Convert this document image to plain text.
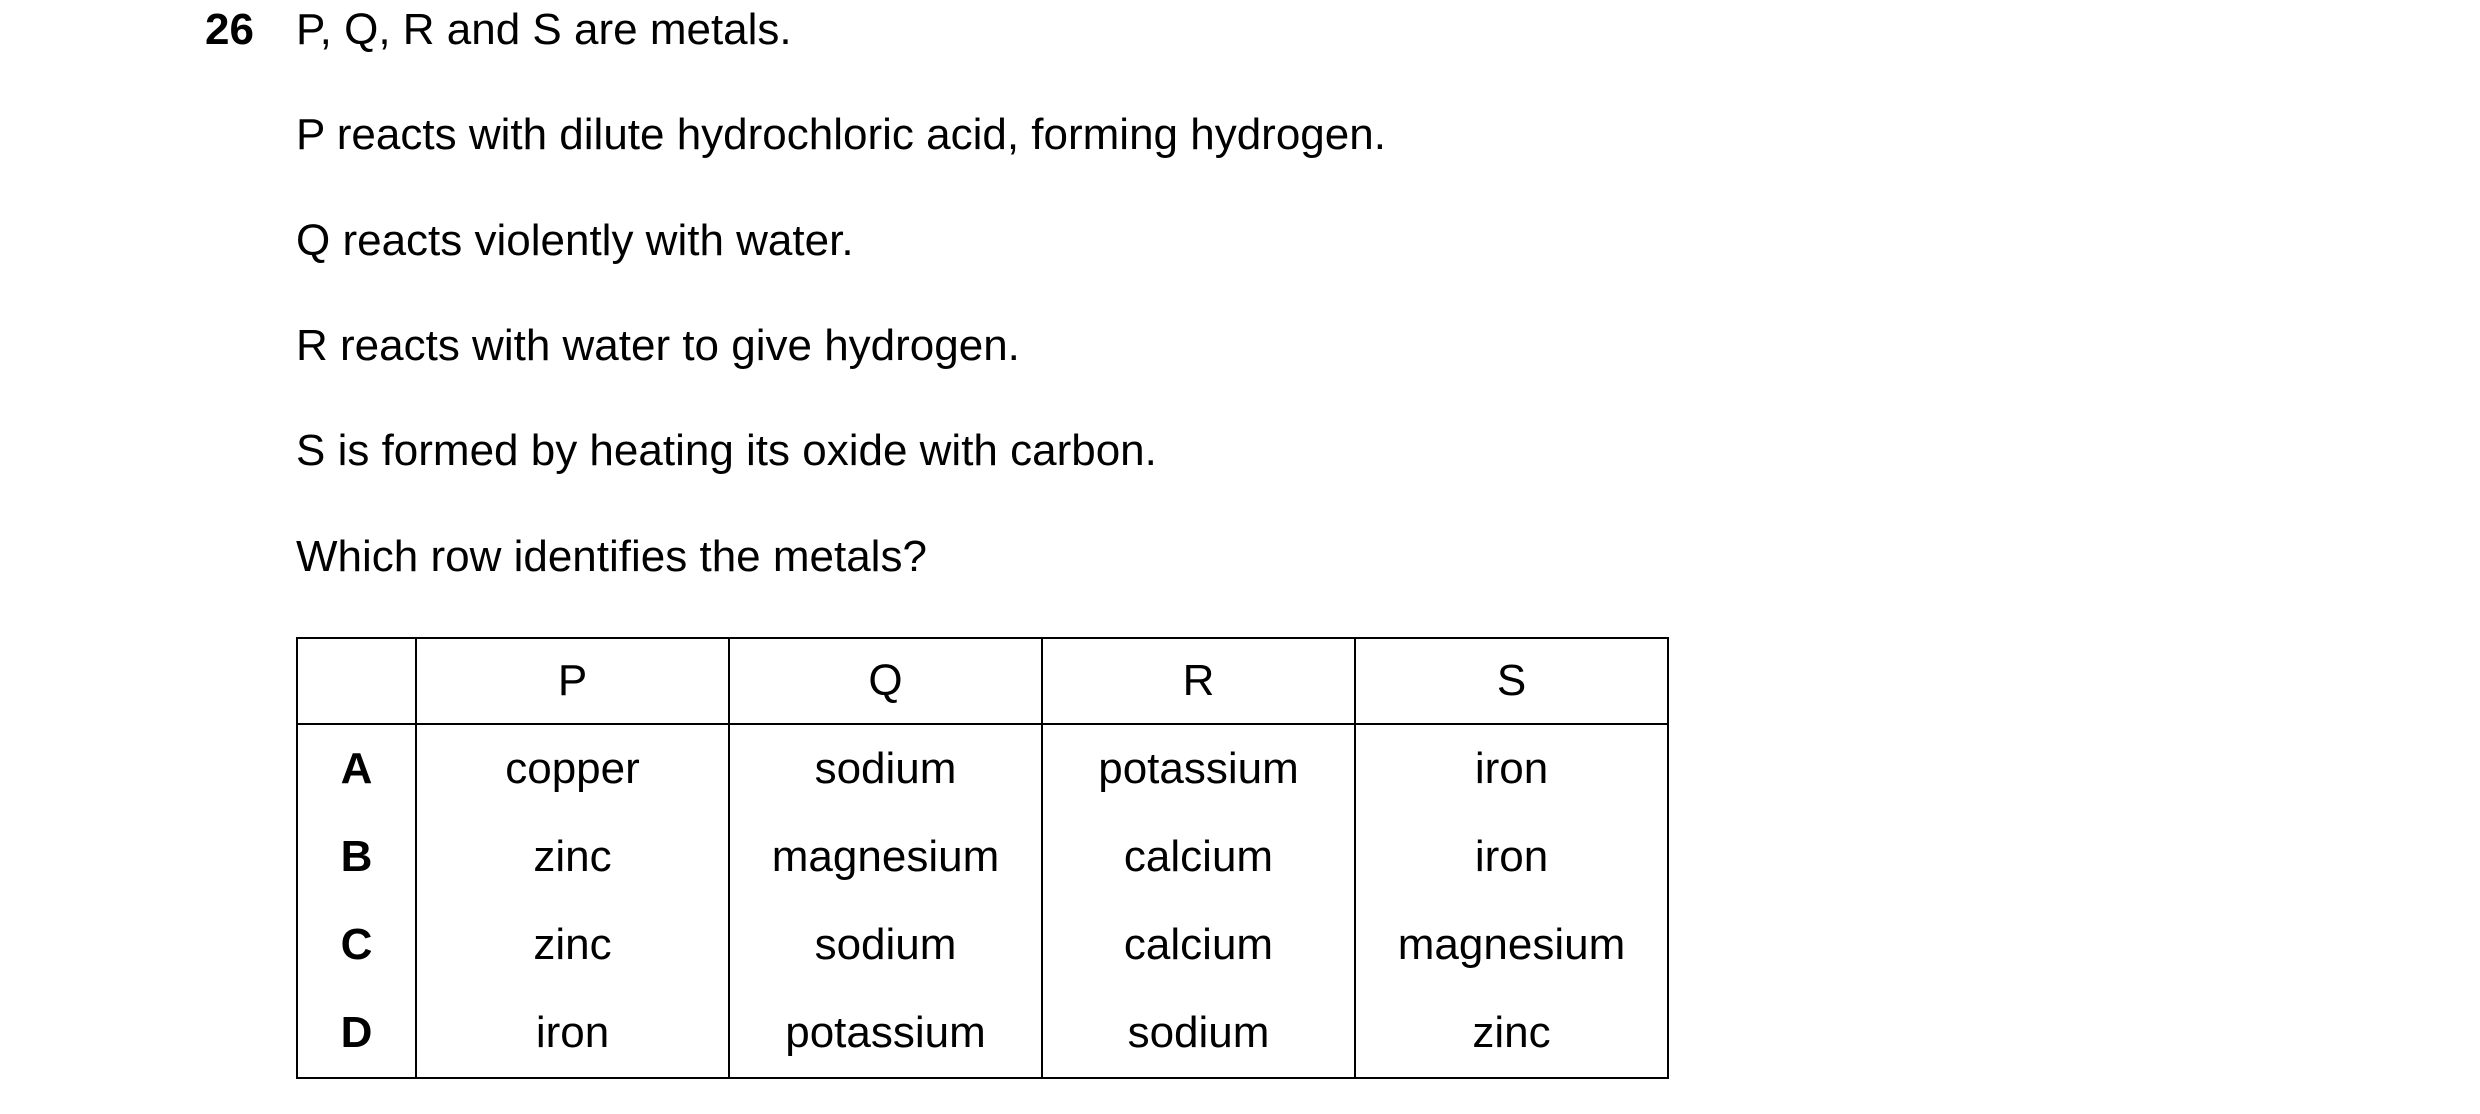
26 P, Q, R and S are metals.
P reacts with dilute hydrochloric acid, forming hydrogen.
Q reacts violently with water.
R reacts with water to give hydrogen.
S is formed by heating its oxide with carbon.
Which row identifies the metals?
	P	Q	R	S
A	copper	sodium	potassium	iron
B	zinc	magnesium	calcium	iron
C	zinc	sodium	calcium	magnesium
D	iron	potassium	sodium	zinc
